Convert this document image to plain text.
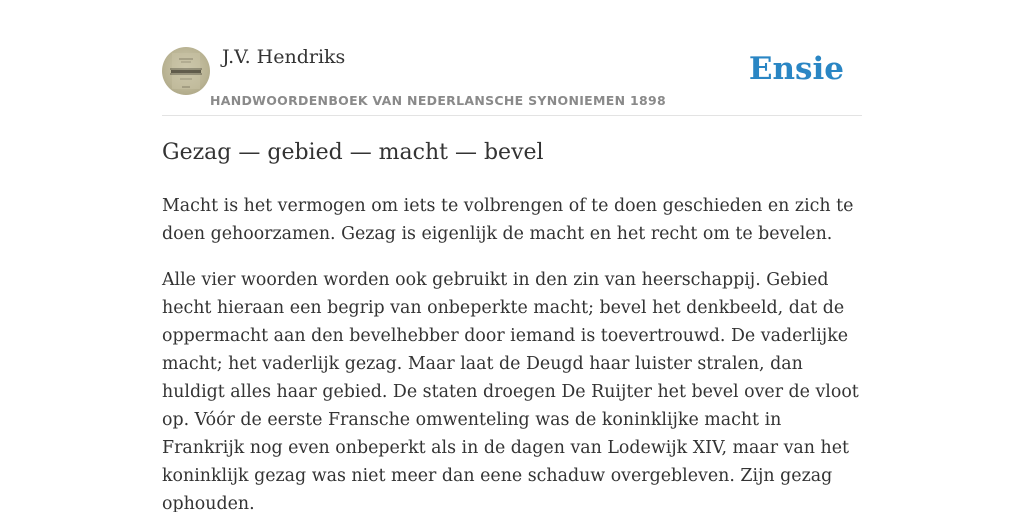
J.V. Hendriks
HANDWOORDENBOEK VAN NEDERLANSCHE SYNONIEMEN 1898
Ensie
Gezag — gebied — macht — bevel

Macht is het vermogen om iets te volbrengen of te doen geschieden en zich te doen gehoorzamen. Gezag is eigenlijk de macht en het recht om te bevelen.

Alle vier woorden worden ook gebruikt in den zin van heerschappij. Gebied hecht hieraan een begrip van onbeperkte macht; bevel het denkbeeld, dat de oppermacht aan den bevelhebber door iemand is toevertrouwd. De vaderlijke macht; het vaderlijk gezag. Maar laat de Deugd haar luister stralen, dan huldigt alles haar gebied. De staten droegen De Ruijter het bevel over de vloot op. Vóór de eerste Fransche omwenteling was de koninklijke macht in Frankrijk nog even onbeperkt als in de dagen van Lodewijk XIV, maar van het koninklijk gezag was niet meer dan eene schaduw overgebleven. Zijn gezag ophouden.
